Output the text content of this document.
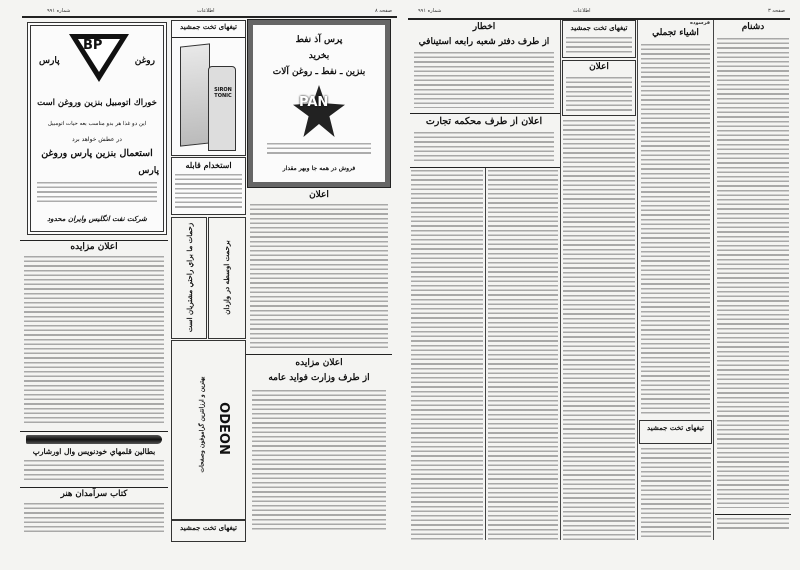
شماره ۹۹۱	اطلاعات	صفحه ۸
BP
پارس	روغن
خوراك اتومبيل بنزين وروغن است
اين دو غذا هر بدو مناسب بعه حيات اتومبيل
در عطش خواهد برد
استعمال بنزين پارس وروغن
پارس
شركت نفت انگليس وايران محدود
تیغهای تخت جمشید
SIRON TONIC
استخدام قابله
زحمات ما براي راحتي مشتريان است	برحمت اوسطه در وازدان
ODEON
بهترين و ارزانترين گراموفون وصفحات
تیغهای تخت جمشید
پرس آذ نفط
بخريد
بنزين ـ نفط ـ روغن آلات
PAN
فروش در همه جا وبهر مقدار
اعلان
اعلان مزايده
از طرف وزارت فوايد عامه
اعلان مزايده
بطالين قلمهاي خودنويس وال اورشارپ
كتاب سرآمدان هنر
شماره ۹۹۱	اطلاعات	صفحه ۳
اخطار
از طرف دفتر شعبه رابعه استينافي
اعلان از طرف محكمه تجارت
تیغهای تخت جمشید
اعلان
فرسوده
اشياء تجملي
تیغهای تخت جمشید
دشنام
